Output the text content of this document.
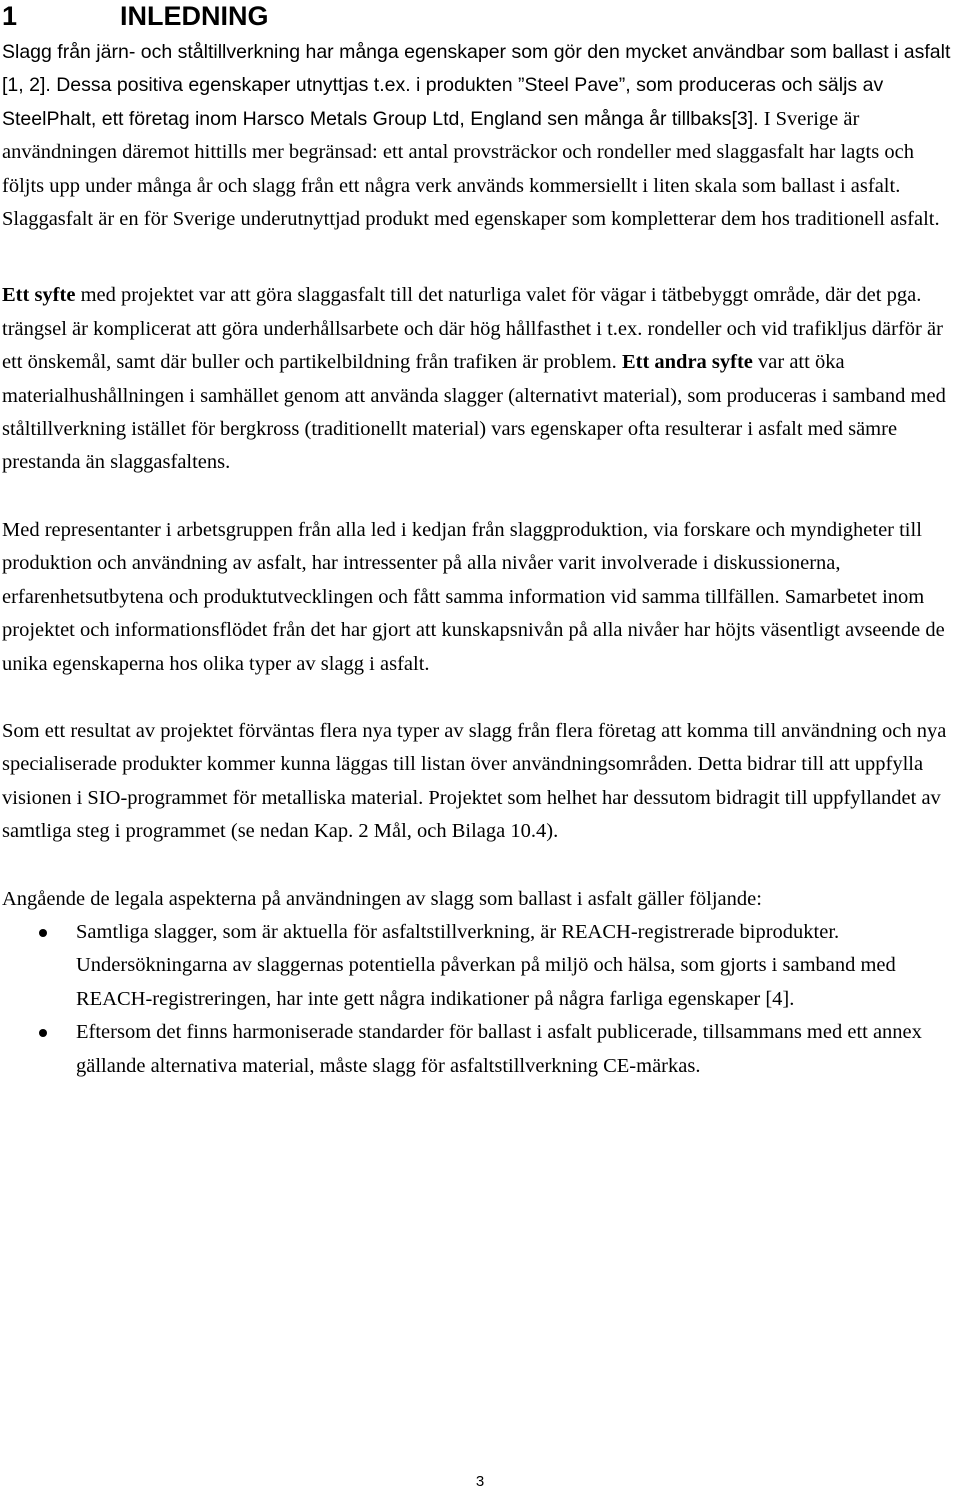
1	INLEDNING

Slagg från järn- och ståltillverkning har många egenskaper som gör den mycket användbar som ballast i asfalt [1, 2]. Dessa positiva egenskaper utnyttjas t.ex. i produkten ”Steel Pave”, som produceras och säljs av SteelPhalt, ett företag inom Harsco Metals Group Ltd, England sen många år tillbaks[3]. I Sverige är användningen däremot hittills mer begränsad: ett antal provsträckor och rondeller med slaggasfalt har lagts och följts upp under många år och slagg från ett några verk används kommersiellt i liten skala som ballast i asfalt. Slaggasfalt är en för Sverige underutnyttjad produkt med egenskaper som kompletterar dem hos traditionell asfalt.

Ett syfte med projektet var att göra slaggasfalt till det naturliga valet för vägar i tätbebyggt område, där det pga. trängsel är komplicerat att göra underhållsarbete och där hög hållfasthet i t.ex. rondeller och vid trafikljus därför är ett önskemål, samt där buller och partikelbildning från trafiken är problem. Ett andra syfte var att öka materialhushållningen i samhället genom att använda slagger (alternativt material), som produceras i samband med ståltillverkning istället för bergkross (traditionellt material) vars egenskaper ofta resulterar i asfalt med sämre prestanda än slaggasfaltens.

Med representanter i arbetsgruppen från alla led i kedjan från slaggproduktion, via forskare och myndigheter till produktion och användning av asfalt, har intressenter på alla nivåer varit involverade i diskussionerna, erfarenhetsutbytena och produktutvecklingen och fått samma information vid samma tillfällen. Samarbetet inom projektet och informationsflödet från det har gjort att kunskapsnivån på alla nivåer har höjts väsentligt avseende de unika egenskaperna hos olika typer av slagg i asfalt.

Som ett resultat av projektet förväntas flera nya typer av slagg från flera företag att komma till användning och nya specialiserade produkter kommer kunna läggas till listan över användningsområden. Detta bidrar till att uppfylla visionen i SIO-programmet för metalliska material. Projektet som helhet har dessutom bidragit till uppfyllandet av samtliga steg i programmet (se nedan Kap. 2 Mål, och Bilaga 10.4).

Angående de legala aspekterna på användningen av slagg som ballast i asfalt gäller följande:

Samtliga slagger, som är aktuella för asfaltstillverkning, är REACH-registrerade biprodukter. Undersökningarna av slaggernas potentiella påverkan på miljö och hälsa, som gjorts i samband med REACH-registreringen, har inte gett några indikationer på några farliga egenskaper [4].
Eftersom det finns harmoniserade standarder för ballast i asfalt publicerade, tillsammans med ett annex gällande alternativa material, måste slagg för asfaltstillverkning CE-märkas.
3
